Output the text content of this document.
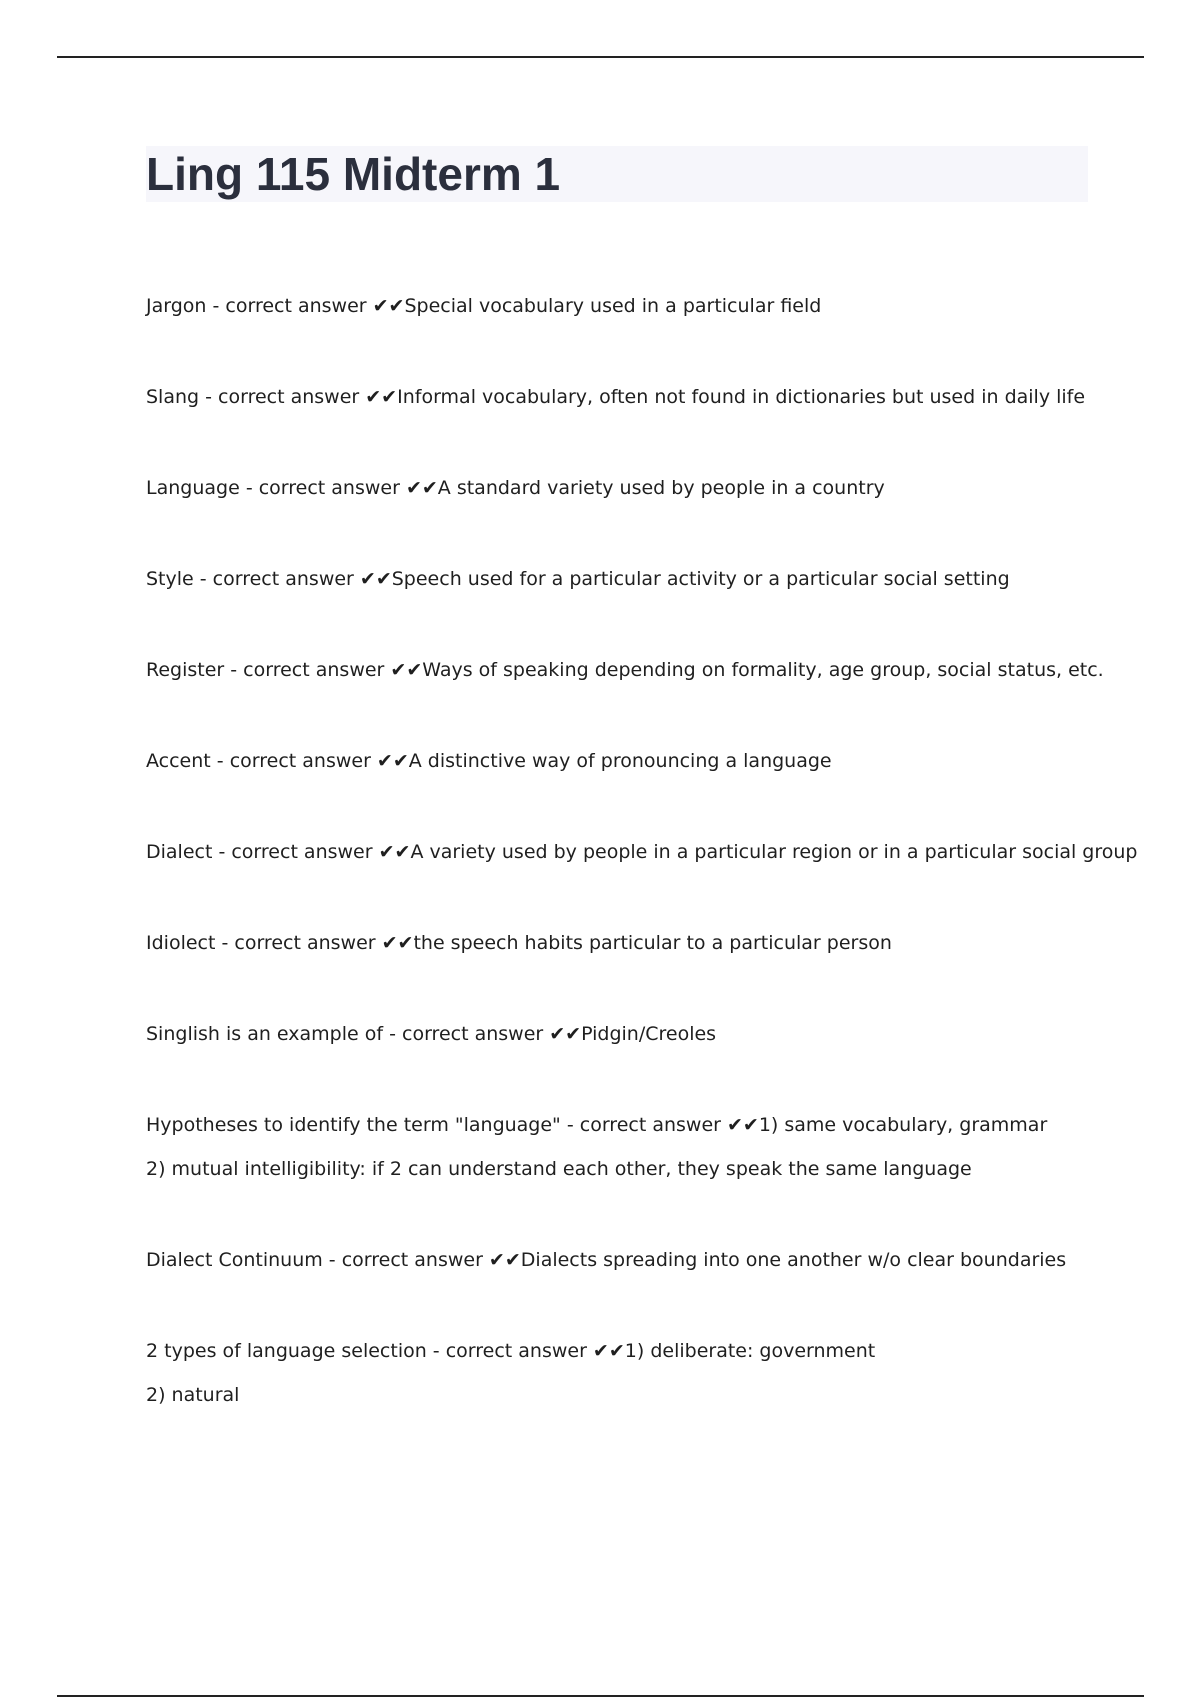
Ling 115 Midterm 1
Jargon - correct answer ✔✔Special vocabulary used in a particular field
Slang - correct answer ✔✔Informal vocabulary, often not found in dictionaries but used in daily life
Language - correct answer ✔✔A standard variety used by people in a country
Style - correct answer ✔✔Speech used for a particular activity or a particular social setting
Register - correct answer ✔✔Ways of speaking depending on formality, age group, social status, etc.
Accent - correct answer ✔✔A distinctive way of pronouncing a language
Dialect - correct answer ✔✔A variety used by people in a particular region or in a particular social group
Idiolect - correct answer ✔✔the speech habits particular to a particular person
Singlish is an example of - correct answer ✔✔Pidgin/Creoles
Hypotheses to identify the term "language" - correct answer ✔✔1) same vocabulary, grammar
2) mutual intelligibility: if 2 can understand each other, they speak the same language
Dialect Continuum - correct answer ✔✔Dialects spreading into one another w/o clear boundaries
2 types of language selection - correct answer ✔✔1) deliberate: government
2) natural
